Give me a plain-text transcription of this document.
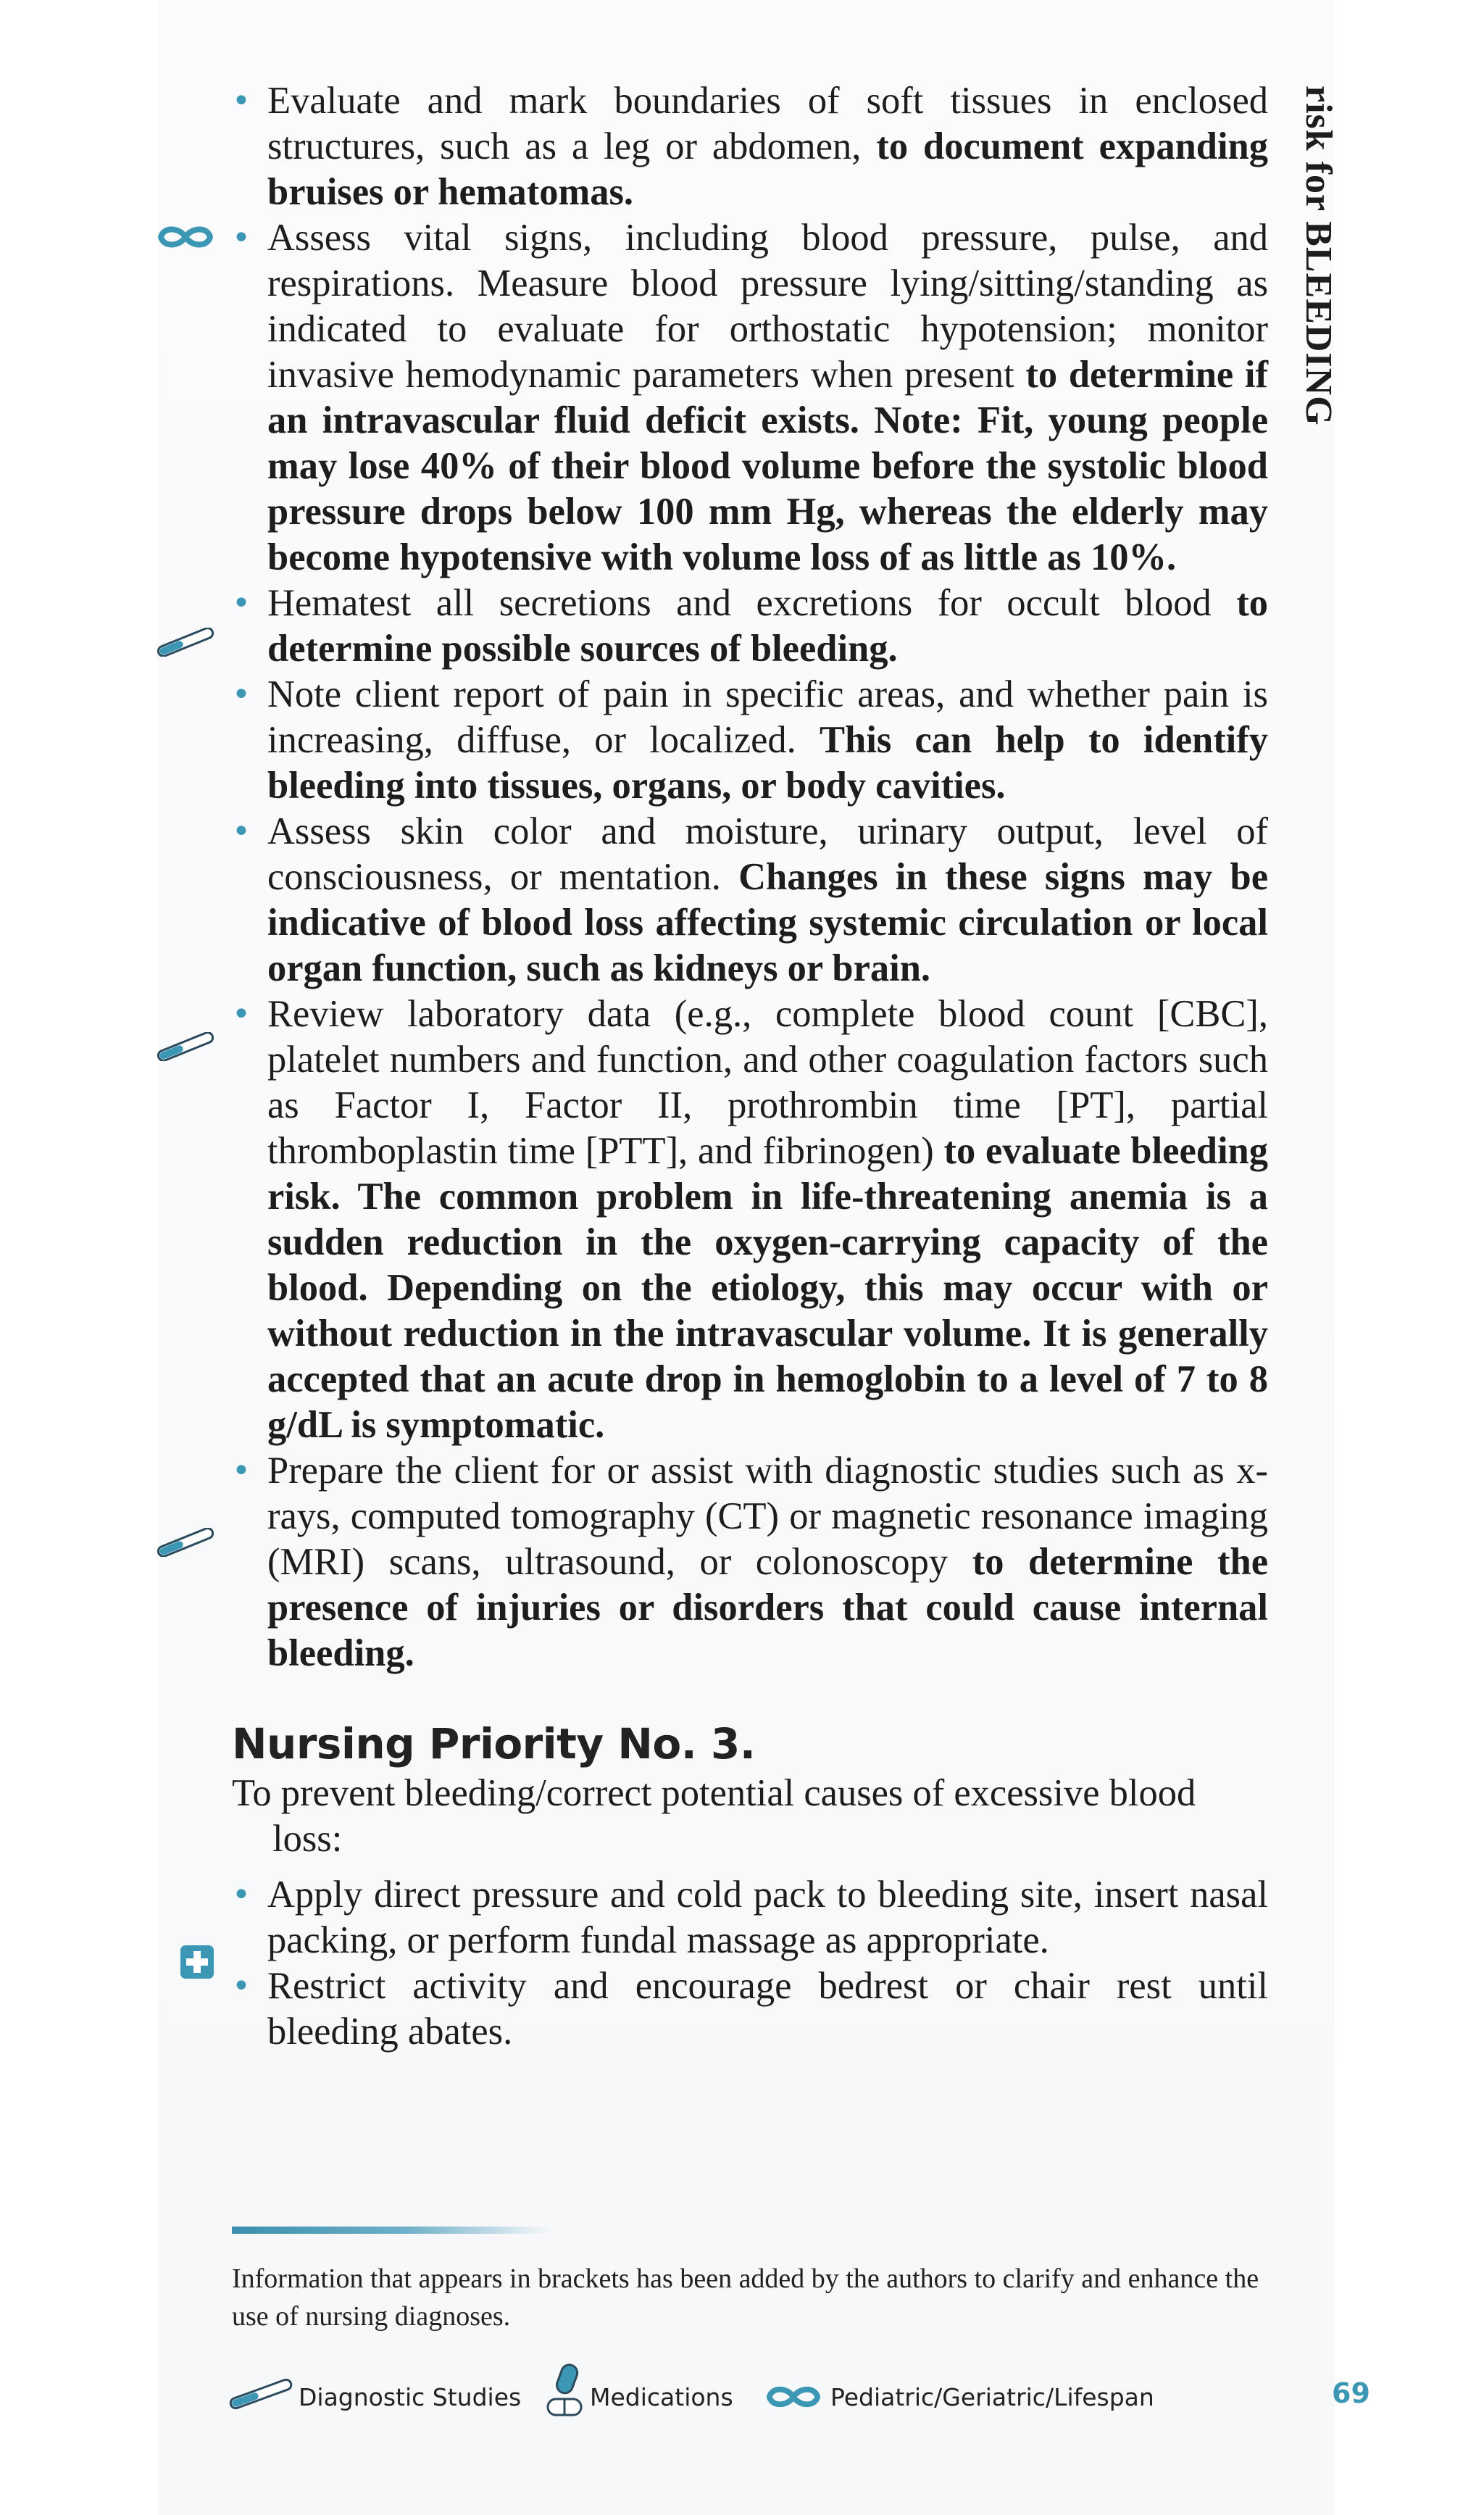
risk for BLEEDING
• Evaluate and mark boundaries of soft tissues in enclosed structures, such as a leg or abdomen, to document expanding bruises or hematomas.
• Assess vital signs, including blood pressure, pulse, and respirations. Measure blood pressure lying/sitting/standing as indicated to evaluate for orthostatic hypotension; monitor invasive hemodynamic parameters when present to determine if an intravascular fluid deficit exists. Note: Fit, young people may lose 40% of their blood volume before the systolic blood pressure drops below 100 mm Hg, whereas the elderly may become hypotensive with volume loss of as little as 10%.
• Hematest all secretions and excretions for occult blood to determine possible sources of bleeding.
• Note client report of pain in specific areas, and whether pain is increasing, diffuse, or localized. This can help to identify bleeding into tissues, organs, or body cavities.
• Assess skin color and moisture, urinary output, level of consciousness, or mentation. Changes in these signs may be indicative of blood loss affecting systemic circulation or local organ function, such as kidneys or brain.
• Review laboratory data (e.g., complete blood count [CBC], platelet numbers and function, and other coagulation factors such as Factor I, Factor II, prothrombin time [PT], partial thromboplastin time [PTT], and fibrinogen) to evaluate bleeding risk. The common problem in life-threatening anemia is a sudden reduction in the oxygen-carrying capacity of the blood. Depending on the etiology, this may occur with or without reduction in the intravascular volume. It is generally accepted that an acute drop in hemoglobin to a level of 7 to 8 g/dL is symptomatic.
• Prepare the client for or assist with diagnostic studies such as x-rays, computed tomography (CT) or magnetic resonance imaging (MRI) scans, ultrasound, or colonoscopy to determine the presence of injuries or disorders that could cause internal bleeding.
Nursing Priority No. 3.
To prevent bleeding/correct potential causes of excessive blood loss:
• Apply direct pressure and cold pack to bleeding site, insert nasal packing, or perform fundal massage as appropriate.
• Restrict activity and encourage bedrest or chair rest until bleeding abates.
Information that appears in brackets has been added by the authors to clarify and enhance the use of nursing diagnoses.
Diagnostic Studies	Medications	Pediatric/Geriatric/Lifespan	69
